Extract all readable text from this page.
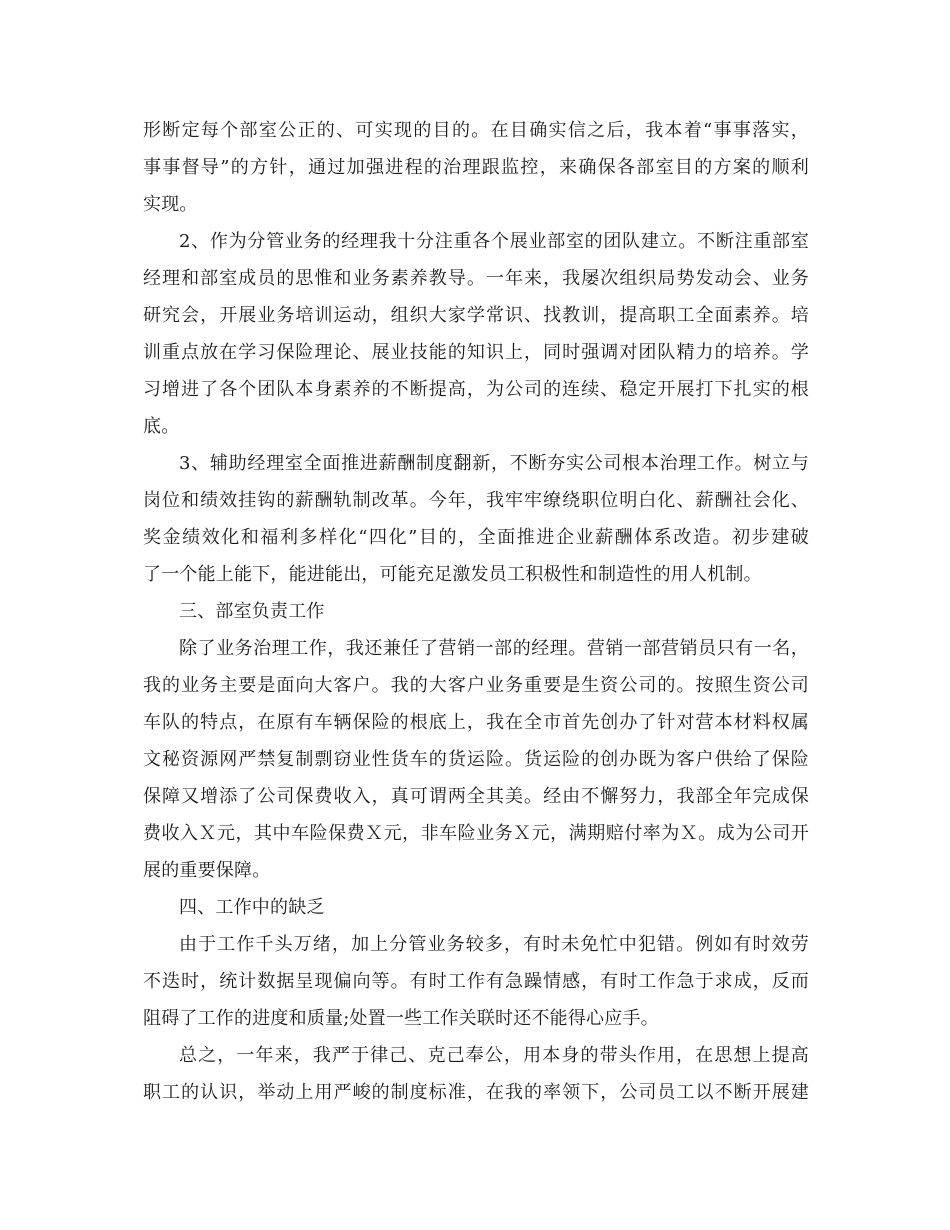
形断定每个部室公正的、可实现的目的。在目确实信之后，我本着“事事落实，
事事督导”的方针，通过加强进程的治理跟监控，来确保各部室目的方案的顺利
实现。
2、作为分管业务的经理我十分注重各个展业部室的团队建立。不断注重部室
经理和部室成员的思惟和业务素养教导。一年来，我屡次组织局势发动会、业务
研究会，开展业务培训运动，组织大家学常识、找教训，提高职工全面素养。培
训重点放在学习保险理论、展业技能的知识上，同时强调对团队精力的培养。学
习增进了各个团队本身素养的不断提高，为公司的连续、稳定开展打下扎实的根
底。
3、辅助经理室全面推进薪酬制度翻新，不断夯实公司根本治理工作。树立与
岗位和绩效挂钩的薪酬轨制改革。今年，我牢牢缭绕职位明白化、薪酬社会化、
奖金绩效化和福利多样化“四化”目的，全面推进企业薪酬体系改造。初步建破
了一个能上能下，能进能出，可能充足激发员工积极性和制造性的用人机制。
三、部室负责工作
除了业务治理工作，我还兼任了营销一部的经理。营销一部营销员只有一名，
我的业务主要是面向大客户。我的大客户业务重要是生资公司的。按照生资公司
车队的特点，在原有车辆保险的根底上，我在全市首先创办了针对营本材料权属
文秘资源网严禁复制剽窃业性货车的货运险。货运险的创办既为客户供给了保险
保障又增添了公司保费收入，真可谓两全其美。经由不懈努力，我部全年完成保
费收入Ｘ元，其中车险保费Ｘ元，非车险业务Ｘ元，满期赔付率为Ｘ。成为公司开
展的重要保障。
四、工作中的缺乏
由于工作千头万绪，加上分管业务较多，有时未免忙中犯错。例如有时效劳
不迭时，统计数据呈现偏向等。有时工作有急躁情感，有时工作急于求成，反而
阻碍了工作的进度和质量;处置一些工作关联时还不能得心应手。
总之，一年来，我严于律己、克己奉公，用本身的带头作用，在思想上提高
职工的认识，举动上用严峻的制度标准，在我的率领下，公司员工以不断开展建
